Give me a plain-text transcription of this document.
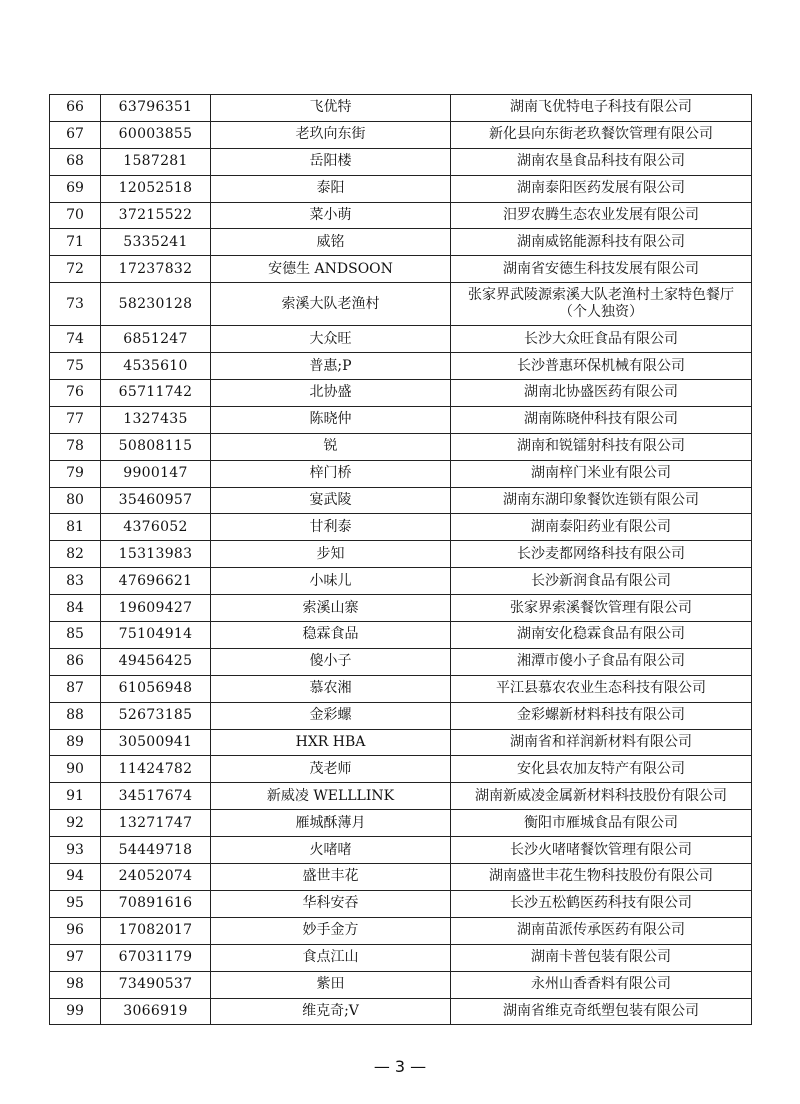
66	63796351	飞优特	湖南飞优特电子科技有限公司
67	60003855	老玖向东街	新化县向东街老玖餐饮管理有限公司
68	1587281	岳阳楼	湖南农垦食品科技有限公司
69	12052518	泰阳	湖南泰阳医药发展有限公司
70	37215522	菜小萌	汨罗农腾生态农业发展有限公司
71	5335241	威铭	湖南威铭能源科技有限公司
72	17237832	安德生 ANDSOON	湖南省安德生科技发展有限公司
73	58230128	索溪大队老渔村	张家界武陵源索溪大队老渔村土家特色餐厅（个人独资）
74	6851247	大众旺	长沙大众旺食品有限公司
75	4535610	普惠;P	长沙普惠环保机械有限公司
76	65711742	北协盛	湖南北协盛医药有限公司
77	1327435	陈晓仲	湖南陈晓仲科技有限公司
78	50808115	锐	湖南和锐镭射科技有限公司
79	9900147	梓门桥	湖南梓门米业有限公司
80	35460957	宴武陵	湖南东湖印象餐饮连锁有限公司
81	4376052	甘利泰	湖南泰阳药业有限公司
82	15313983	步知	长沙麦都网络科技有限公司
83	47696621	小味儿	长沙新润食品有限公司
84	19609427	索溪山寨	张家界索溪餐饮管理有限公司
85	75104914	稳霖食品	湖南安化稳霖食品有限公司
86	49456425	傻小子	湘潭市傻小子食品有限公司
87	61056948	慕农湘	平江县慕农农业生态科技有限公司
88	52673185	金彩螺	金彩螺新材料科技有限公司
89	30500941	HXR HBA	湖南省和祥润新材料有限公司
90	11424782	茂老师	安化县农加友特产有限公司
91	34517674	新威凌 WELLLINK	湖南新威凌金属新材料科技股份有限公司
92	13271747	雁城酥薄月	衡阳市雁城食品有限公司
93	54449718	火啫啫	长沙火啫啫餐饮管理有限公司
94	24052074	盛世丰花	湖南盛世丰花生物科技股份有限公司
95	70891616	华科安吞	长沙五松鹤医药科技有限公司
96	17082017	妙手金方	湖南苗派传承医药有限公司
97	67031179	食点江山	湖南卡普包装有限公司
98	73490537	紫田	永州山香香料有限公司
99	3066919	维克奇;V	湖南省维克奇纸塑包装有限公司
— 3 —
